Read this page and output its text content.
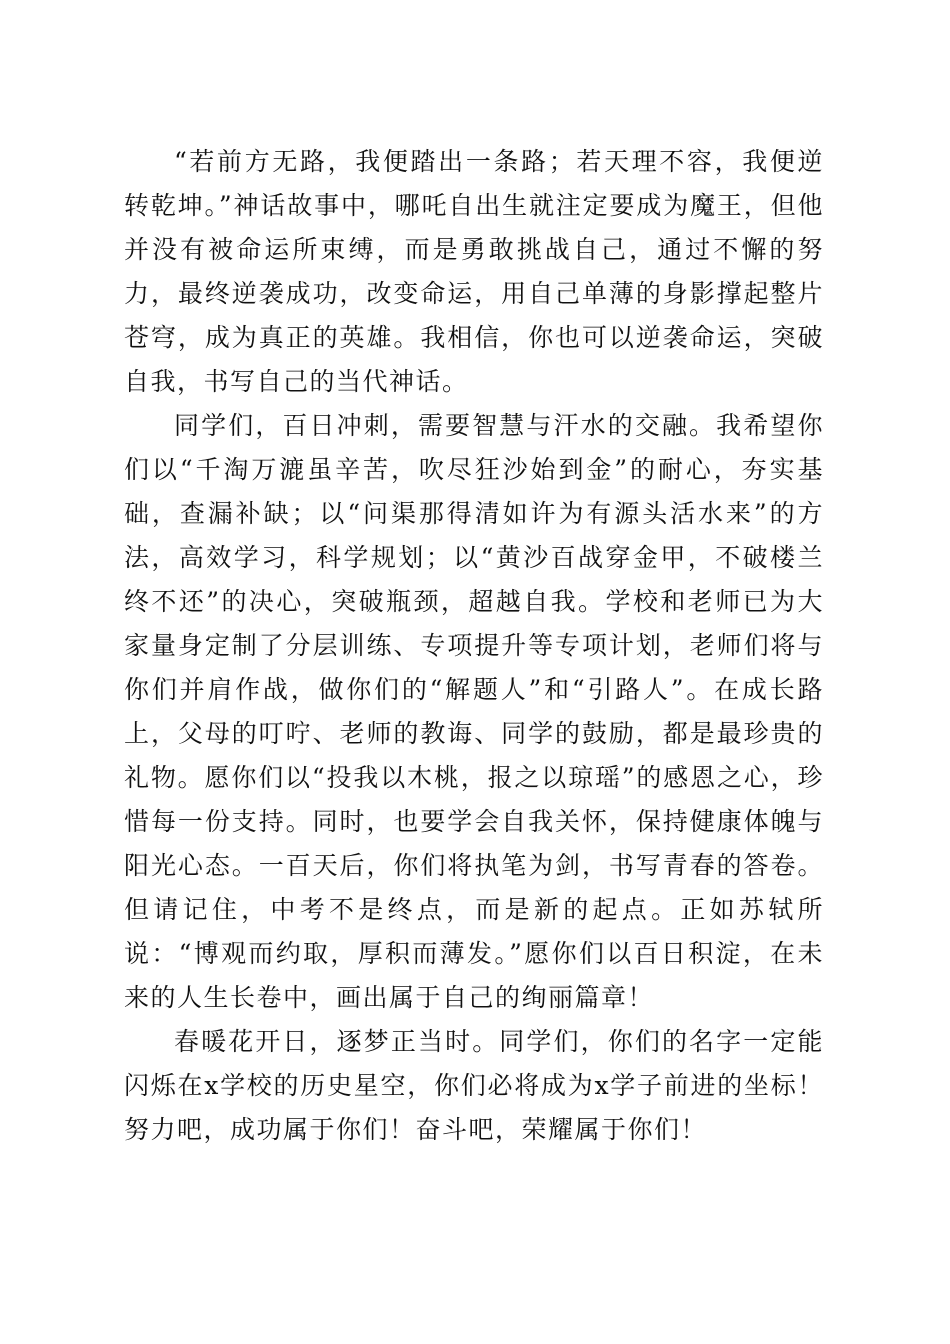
“若前方无路，我便踏出一条路；若天理不容，我便逆转乾坤。”神话故事中，哪吒自出生就注定要成为魔王，但他并没有被命运所束缚，而是勇敢挑战自己，通过不懈的努力，最终逆袭成功，改变命运，用自己单薄的身影撑起整片苍穹，成为真正的英雄。我相信，你也可以逆袭命运，突破自我，书写自己的当代神话。

同学们，百日冲刺，需要智慧与汗水的交融。我希望你们以“千淘万漉虽辛苦，吹尽狂沙始到金”的耐心，夯实基础，查漏补缺；以“问渠那得清如许为有源头活水来”的方法，高效学习，科学规划；以“黄沙百战穿金甲，不破楼兰终不还”的决心，突破瓶颈，超越自我。学校和老师已为大家量身定制了分层训练、专项提升等专项计划，老师们将与你们并肩作战，做你们的“解题人”和“引路人”。在成长路上，父母的叮咛、老师的教诲、同学的鼓励，都是最珍贵的礼物。愿你们以“投我以木桃，报之以琼瑶”的感恩之心，珍惜每一份支持。同时，也要学会自我关怀，保持健康体魄与阳光心态。一百天后，你们将执笔为剑，书写青春的答卷。但请记住，中考不是终点，而是新的起点。正如苏轼所说：“博观而约取，厚积而薄发。”愿你们以百日积淀，在未来的人生长卷中，画出属于自己的绚丽篇章！

春暖花开日，逐梦正当时。同学们，你们的名字一定能闪烁在x学校的历史星空，你们必将成为x学子前进的坐标！努力吧，成功属于你们！奋斗吧，荣耀属于你们！
